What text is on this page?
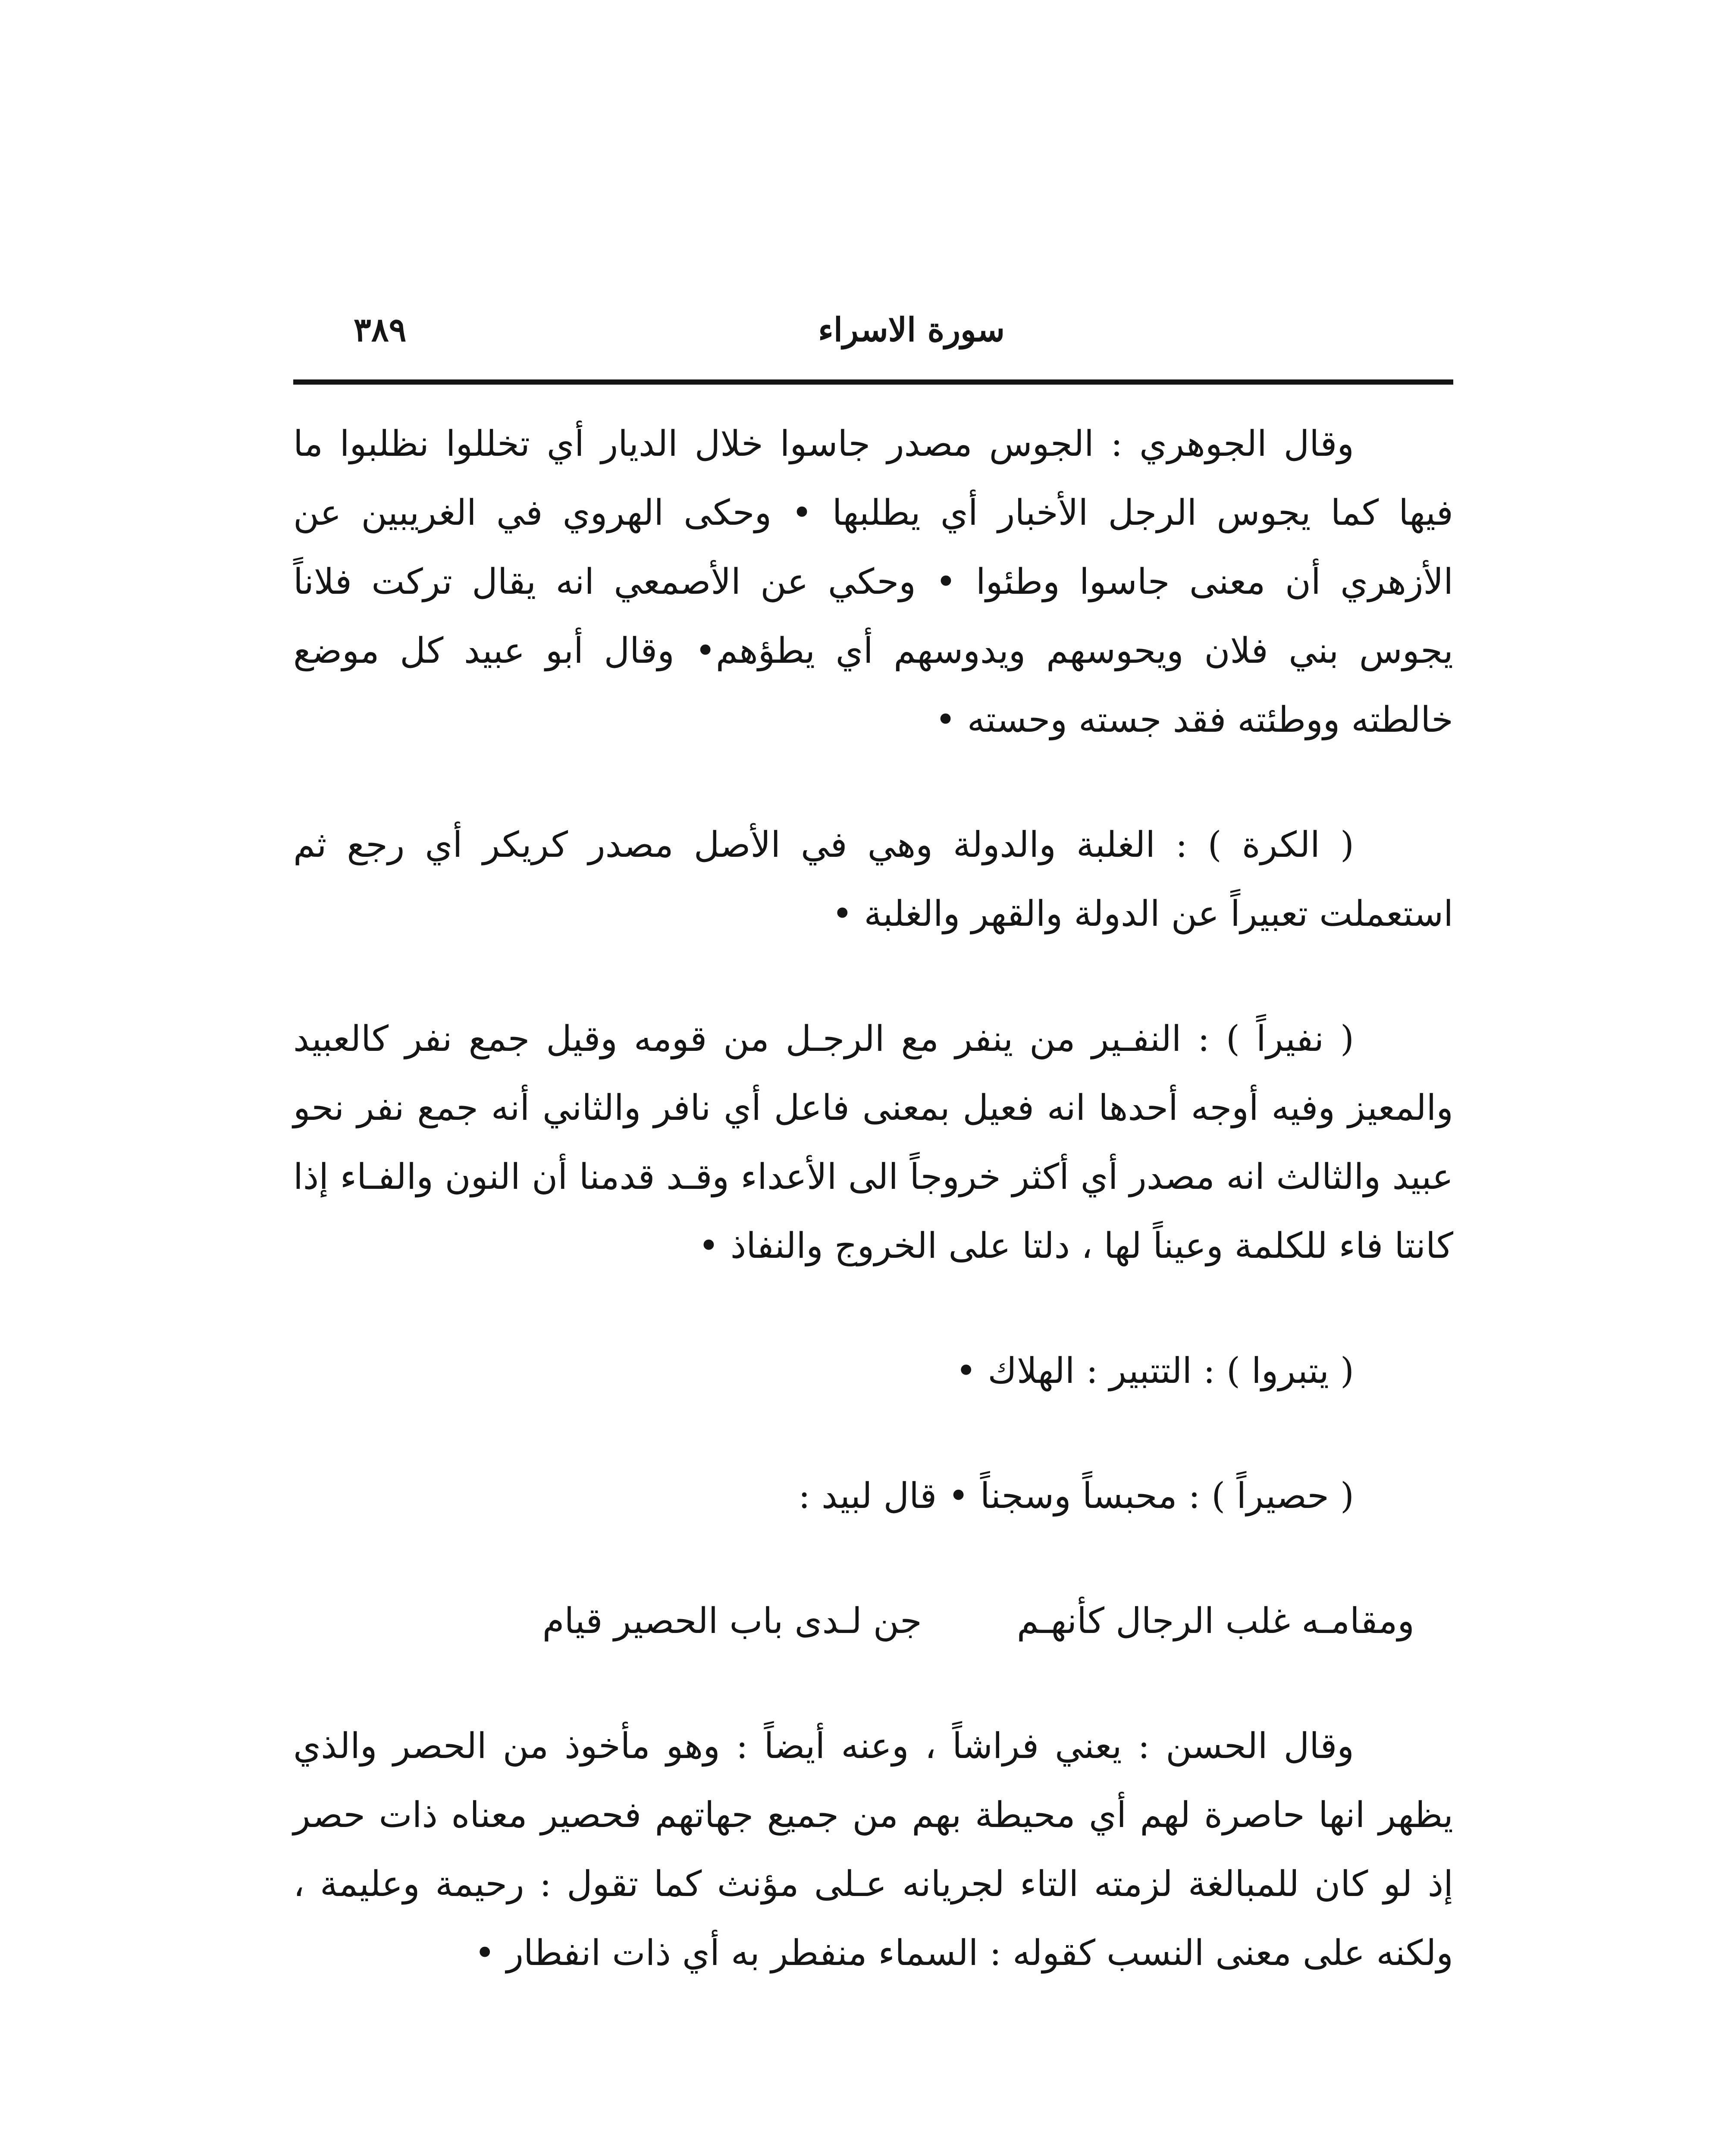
سورة الاسراء
٣٨٩

وقال الجوهري : الجوس مصدر جاسوا خلال الديار أي تخللوا نظلبوا ما فيها كما يجوس الرجل الأخبار أي يطلبها • وحكى الهروي في الغريبين عن الأزهري أن معنى جاسوا وطئوا • وحكي عن الأصمعي انه يقال تركت فلاناً يجوس بني فلان ويحوسهم ويدوسهم أي يطؤهم• وقال أبو عبيد كل موضع خالطته ووطئته فقد جسته وحسته •

( الكرة ) : الغلبة والدولة وهي في الأصل مصدر كريكر أي رجع ثم استعملت تعبيراً عن الدولة والقهر والغلبة •

( نفيراً ) : النفـير من ينفر مع الرجـل من قومه وقيل جمع نفر كالعبيد والمعيز وفيه أوجه أحدها انه فعيل بمعنى فاعل أي نافر والثاني أنه جمع نفر نحو عبيد والثالث انه مصدر أي أكثر خروجاً الى الأعداء وقـد قدمنا أن النون والفـاء إذا كانتا فاء للكلمة وعيناً لها ، دلتا على الخروج والنفاذ •

( يتبروا ) : التتبير : الهلاك •

( حصيراً ) : محبساً وسجناً • قال لبيد :

ومقامـه غلب الرجال كأنهـم
جن لـدى باب الحصير قيام

وقال الحسن : يعني فراشاً ، وعنه أيضاً : وهو مأخوذ من الحصر والذي يظهر انها حاصرة لهم أي محيطة بهم من جميع جهاتهم فحصير معناه ذات حصر إذ لو كان للمبالغة لزمته التاء لجريانه عـلى مؤنث كما تقول : رحيمة وعليمة ، ولكنه على معنى النسب كقوله : السماء منفطر به أي ذات انفطار •
